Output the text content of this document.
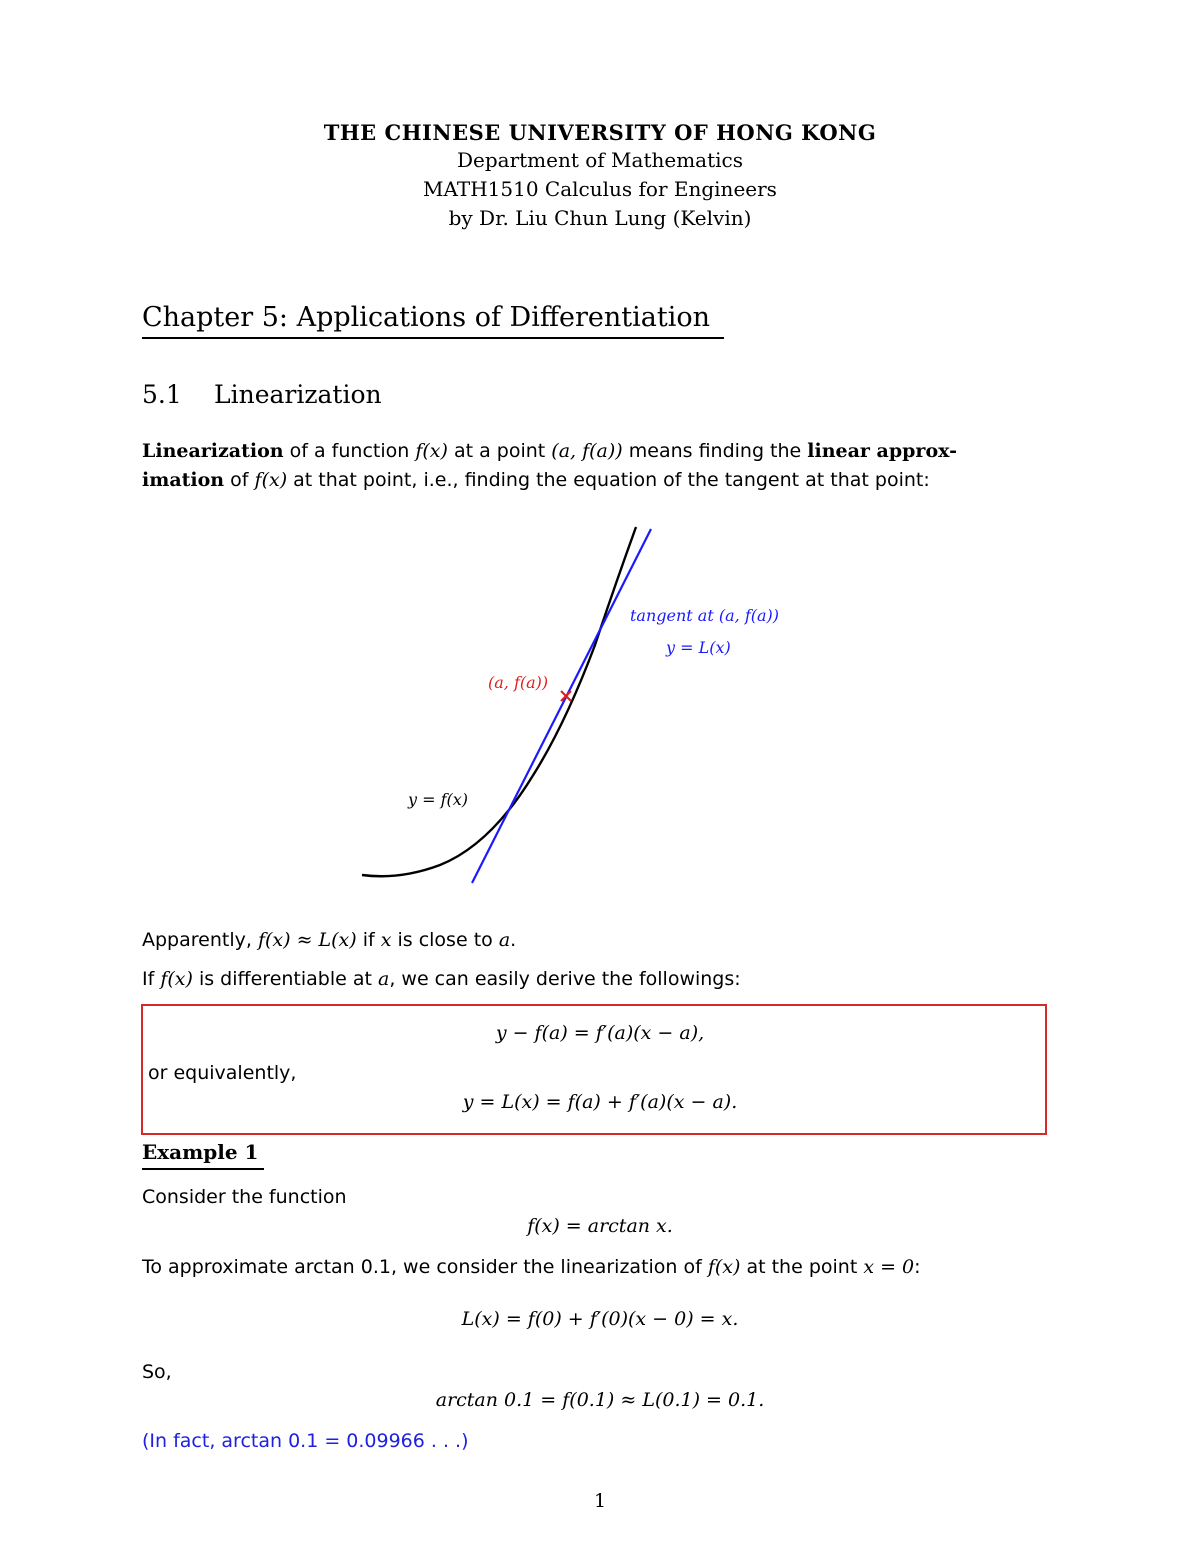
THE CHINESE UNIVERSITY OF HONG KONG
Department of Mathematics
MATH1510 Calculus for Engineers
by Dr. Liu Chun Lung (Kelvin)
Chapter 5: Applications of Differentiation
5.1 Linearization
Linearization of a function f(x) at a point (a, f(a)) means finding the linear approx-
imation of f(x) at that point, i.e., finding the equation of the tangent at that point:
tangent at (a, f(a))
y = L(x)
(a, f(a))
y = f(x)
Apparently, f(x) ≈ L(x) if x is close to a.
If f(x) is differentiable at a, we can easily derive the followings:
y − f(a) = f′(a)(x − a),
or equivalently,
y = L(x) = f(a) + f′(a)(x − a).
Example 1
Consider the function
f(x) = arctan x.
To approximate arctan 0.1, we consider the linearization of f(x) at the point x = 0:
L(x) = f(0) + f′(0)(x − 0) = x.
So,
arctan 0.1 = f(0.1) ≈ L(0.1) = 0.1.
(In fact, arctan 0.1 = 0.09966 . . .)
1
